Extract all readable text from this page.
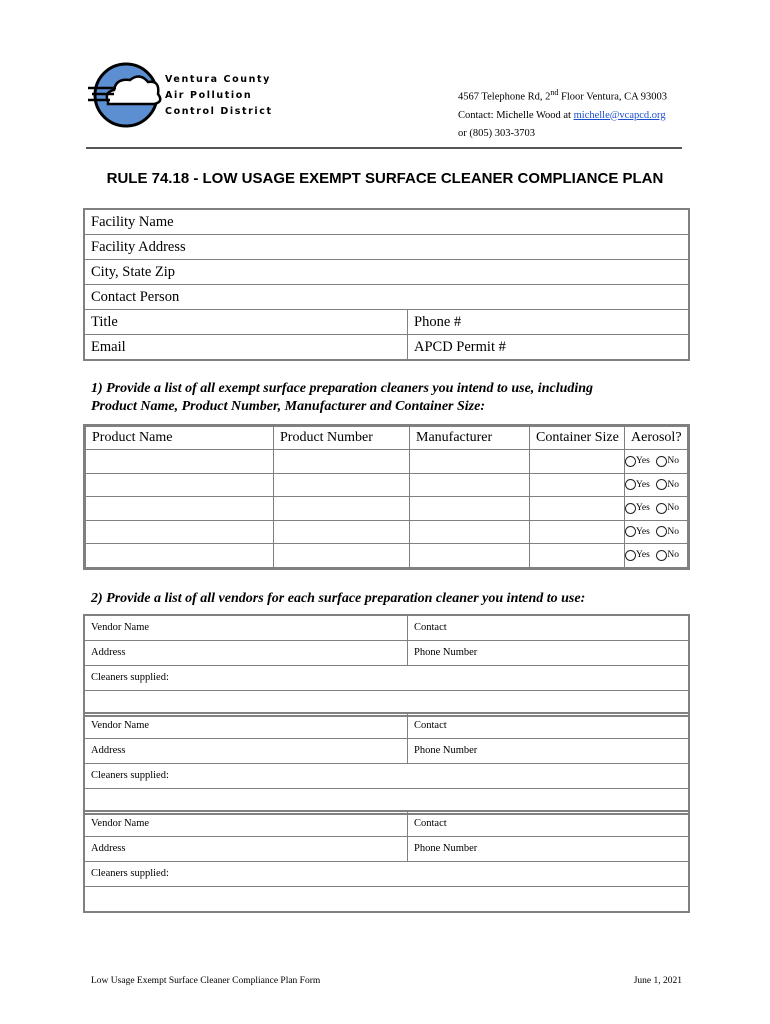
Ventura County
Air Pollution
Control District
4567 Telephone Rd, 2nd Floor Ventura, CA 93003
Contact: Michelle Wood at michelle@vcapcd.org
or (805) 303-3703
RULE 74.18 - LOW USAGE EXEMPT SURFACE CLEANER COMPLIANCE PLAN
Facility Name
Facility Address
City, State Zip
Contact Person
Title	Phone #
Email	APCD Permit #
1) Provide a list of all exempt surface preparation cleaners you intend to use, including
Product Name, Product Number, Manufacturer and Container Size:
Product Name	Product Number	Manufacturer	Container Size	Aerosol?
				Yes No
				Yes No
				Yes No
				Yes No
				Yes No
2) Provide a list of all vendors for each surface preparation cleaner you intend to use:
Vendor Name	Contact
Address	Phone Number
Cleaners supplied:
Vendor Name	Contact
Address	Phone Number
Cleaners supplied:
Vendor Name	Contact
Address	Phone Number
Cleaners supplied:
Low Usage Exempt Surface Cleaner Compliance Plan Form	June 1, 2021
